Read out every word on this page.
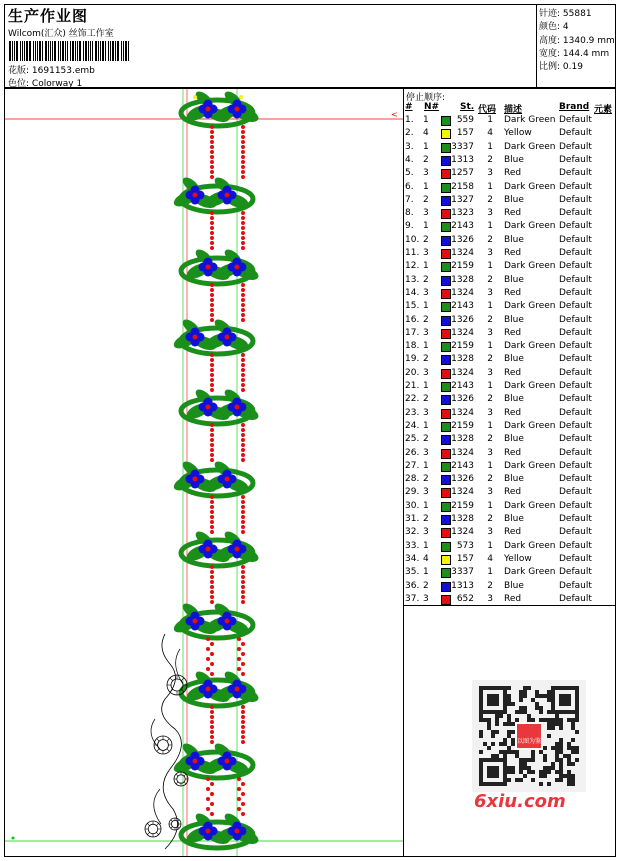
生产作业图
Wilcom(汇众) 丝饰工作室
花版: 1691153.emb
色位: Colorway 1
针迹: 55881
颜色: 4
高度: 1340.9 mm
宽度: 144.4 mm
比例: 0.19
<
停止顺序:
# N# St. 代码 描述	Brand 元素
1. 1	559 1 Dark Green Default
2. 4	157 4 Yellow	Default
3. 1 3337 1 Dark Green Default
4. 2 1313 2 Blue	Default
5. 3 1257 3 Red	Default
6. 1 2158 1 Dark Green Default
7. 2 1327 2 Blue	Default
8. 3 1323 3 Red	Default
9. 1 2143 1 Dark Green Default
10. 2 1326 2 Blue	Default
11. 3 1324 3 Red	Default
12. 1 2159 1 Dark Green Default
13. 2 1328 2 Blue	Default
14. 3 1324 3 Red	Default
15. 1 2143 1 Dark Green Default
16. 2 1326 2 Blue	Default
17. 3 1324 3 Red	Default
18. 1 2159 1 Dark Green Default
19. 2 1328 2 Blue	Default
20. 3 1324 3 Red	Default
21. 1 2143 1 Dark Green Default
22. 2 1326 2 Blue	Default
23. 3 1324 3 Red	Default
24. 1 2159 1 Dark Green Default
25. 2 1328 2 Blue	Default
26. 3 1324 3 Red	Default
27. 1 2143 1 Dark Green Default
28. 2 1326 2 Blue	Default
29. 3 1324 3 Red	Default
30. 1 2159 1 Dark Green Default
31. 2 1328 2 Blue	Default
32. 3 1324 3 Red	Default
33. 1	573 1 Dark Green Default
34. 4	157 4 Yellow	Default
35. 1 3337 1 Dark Green Default
36. 2 1313 2 Blue	Default
37. 3	652 3 Red	Default
以图为鉴
6xiu.com
